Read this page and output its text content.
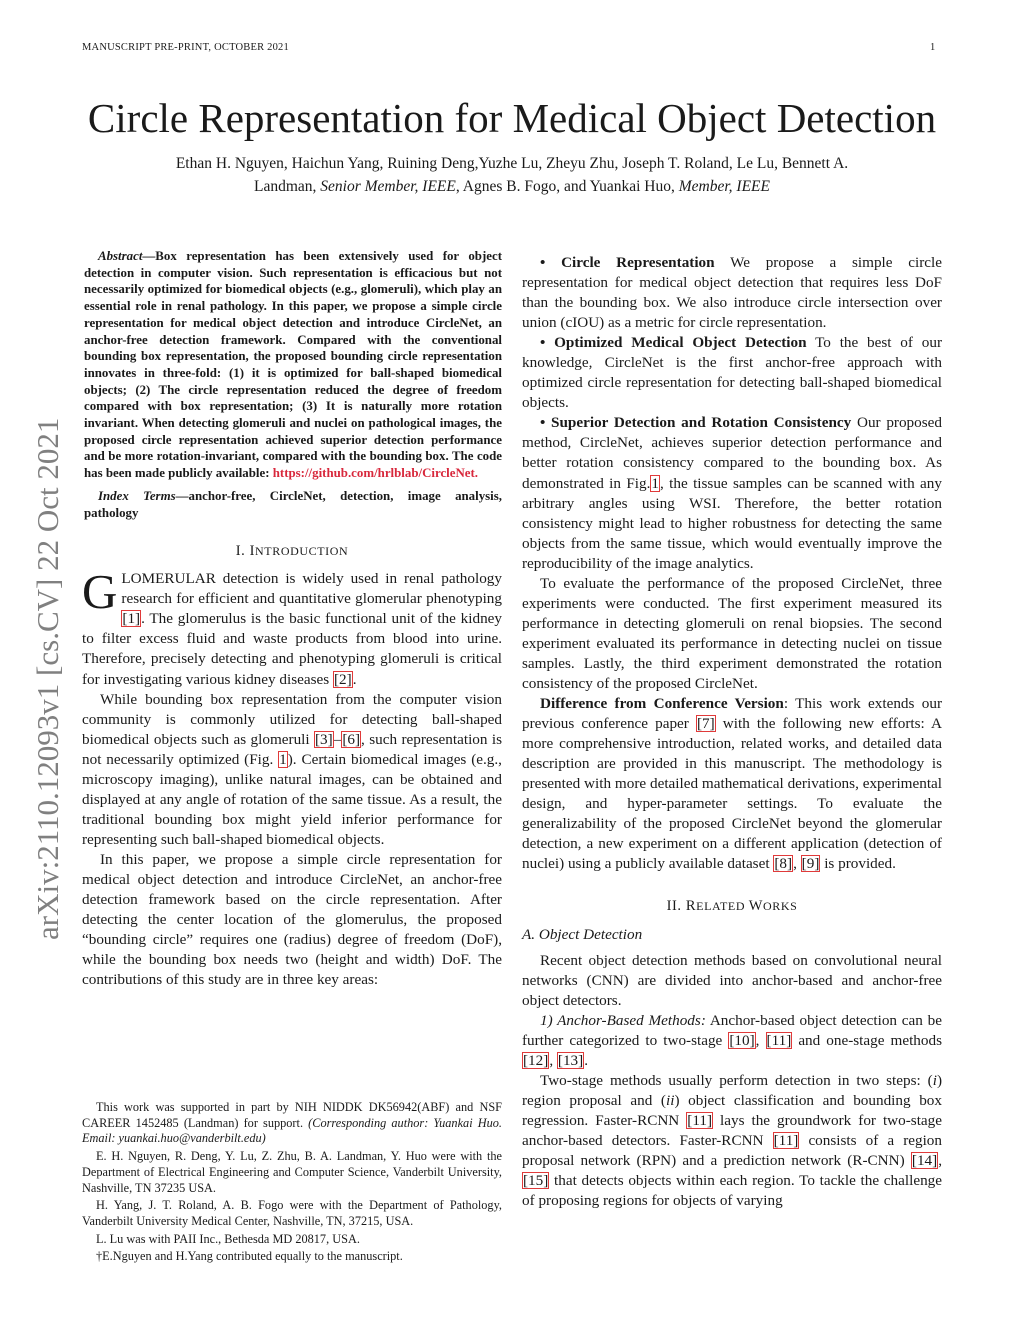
MANUSCRIPT PRE-PRINT, OCTOBER 2021	1
arXiv:2110.12093v1 [cs.CV] 22 Oct 2021
Circle Representation for Medical Object Detection
Ethan H. Nguyen, Haichun Yang, Ruining Deng,Yuzhe Lu, Zheyu Zhu, Joseph T. Roland, Le Lu, Bennett A.
Landman, Senior Member, IEEE, Agnes B. Fogo, and Yuankai Huo, Member, IEEE

Abstract—Box representation has been extensively used for object detection in computer vision. Such representation is efficacious but not necessarily optimized for biomedical objects (e.g., glomeruli), which play an essential role in renal pathology. In this paper, we propose a simple circle representation for medical object detection and introduce CircleNet, an anchor-free detection framework. Compared with the conventional bounding box representation, the proposed bounding circle representation innovates in three-fold: (1) it is optimized for ball-shaped biomedical objects; (2) The circle representation reduced the degree of freedom compared with box representation; (3) It is naturally more rotation invariant. When detecting glomeruli and nuclei on pathological images, the proposed circle representation achieved superior detection performance and be more rotation-invariant, compared with the bounding box. The code has been made publicly available: https://github.com/hrlblab/CircleNet.

Index Terms—anchor-free, CircleNet, detection, image analysis, pathology

I. INTRODUCTION

GLOMERULAR detection is widely used in renal pathology research for efficient and quantitative glomerular phenotyping [1]. The glomerulus is the basic functional unit of the kidney to filter excess fluid and waste products from blood into urine. Therefore, precisely detecting and phenotyping glomeruli is critical for investigating various kidney diseases [2].

While bounding box representation from the computer vision community is commonly utilized for detecting ball-shaped biomedical objects such as glomeruli [3]–[6], such representation is not necessarily optimized (Fig. 1). Certain biomedical images (e.g., microscopy imaging), unlike natural images, can be obtained and displayed at any angle of rotation of the same tissue. As a result, the traditional bounding box might yield inferior performance for representing such ball-shaped biomedical objects.

In this paper, we propose a simple circle representation for medical object detection and introduce CircleNet, an anchor-free detection framework based on the circle representation. After detecting the center location of the glomerulus, the proposed “bounding circle” requires one (radius) degree of freedom (DoF), while the bounding box needs two (height and width) DoF. The contributions of this study are in three key areas:

This work was supported in part by NIH NIDDK DK56942(ABF) and NSF CAREER 1452485 (Landman) for support. (Corresponding author: Yuankai Huo. Email: yuankai.huo@vanderbilt.edu)

E. H. Nguyen, R. Deng, Y. Lu, Z. Zhu, B. A. Landman, Y. Huo were with the Department of Electrical Engineering and Computer Science, Vanderbilt University, Nashville, TN 37235 USA.

H. Yang, J. T. Roland, A. B. Fogo were with the Department of Pathology, Vanderbilt University Medical Center, Nashville, TN, 37215, USA.

L. Lu was with PAII Inc., Bethesda MD 20817, USA.

†E.Nguyen and H.Yang contributed equally to the manuscript.

• Circle Representation We propose a simple circle representation for medical object detection that requires less DoF than the bounding box. We also introduce circle intersection over union (cIOU) as a metric for circle representation.

• Optimized Medical Object Detection To the best of our knowledge, CircleNet is the first anchor-free approach with optimized circle representation for detecting ball-shaped biomedical objects.

• Superior Detection and Rotation Consistency Our proposed method, CircleNet, achieves superior detection performance and better rotation consistency compared to the bounding box. As demonstrated in Fig.1, the tissue samples can be scanned with any arbitrary angles using WSI. Therefore, the better rotation consistency might lead to higher robustness for detecting the same objects from the same tissue, which would eventually improve the reproducibility of the image analytics.

To evaluate the performance of the proposed CircleNet, three experiments were conducted. The first experiment measured its performance in detecting glomeruli on renal biopsies. The second experiment evaluated its performance in detecting nuclei on tissue samples. Lastly, the third experiment demonstrated the rotation consistency of the proposed CircleNet.

Difference from Conference Version: This work extends our previous conference paper [7] with the following new efforts: A more comprehensive introduction, related works, and detailed data description are provided in this manuscript. The methodology is presented with more detailed mathematical derivations, experimental design, and hyper-parameter settings. To evaluate the generalizability of the proposed CircleNet beyond the glomerular detection, a new experiment on a different application (detection of nuclei) using a publicly available dataset [8], [9] is provided.

II. RELATED WORKS
A. Object Detection

Recent object detection methods based on convolutional neural networks (CNN) are divided into anchor-based and anchor-free object detectors.

1) Anchor-Based Methods: Anchor-based object detection can be further categorized to two-stage [10], [11] and one-stage methods [12], [13].

Two-stage methods usually perform detection in two steps: (i) region proposal and (ii) object classification and bounding box regression. Faster-RCNN [11] lays the groundwork for two-stage anchor-based detectors. Faster-RCNN [11] consists of a region proposal network (RPN) and a prediction network (R-CNN) [14], [15] that detects objects within each region. To tackle the challenge of proposing regions for objects of varying
